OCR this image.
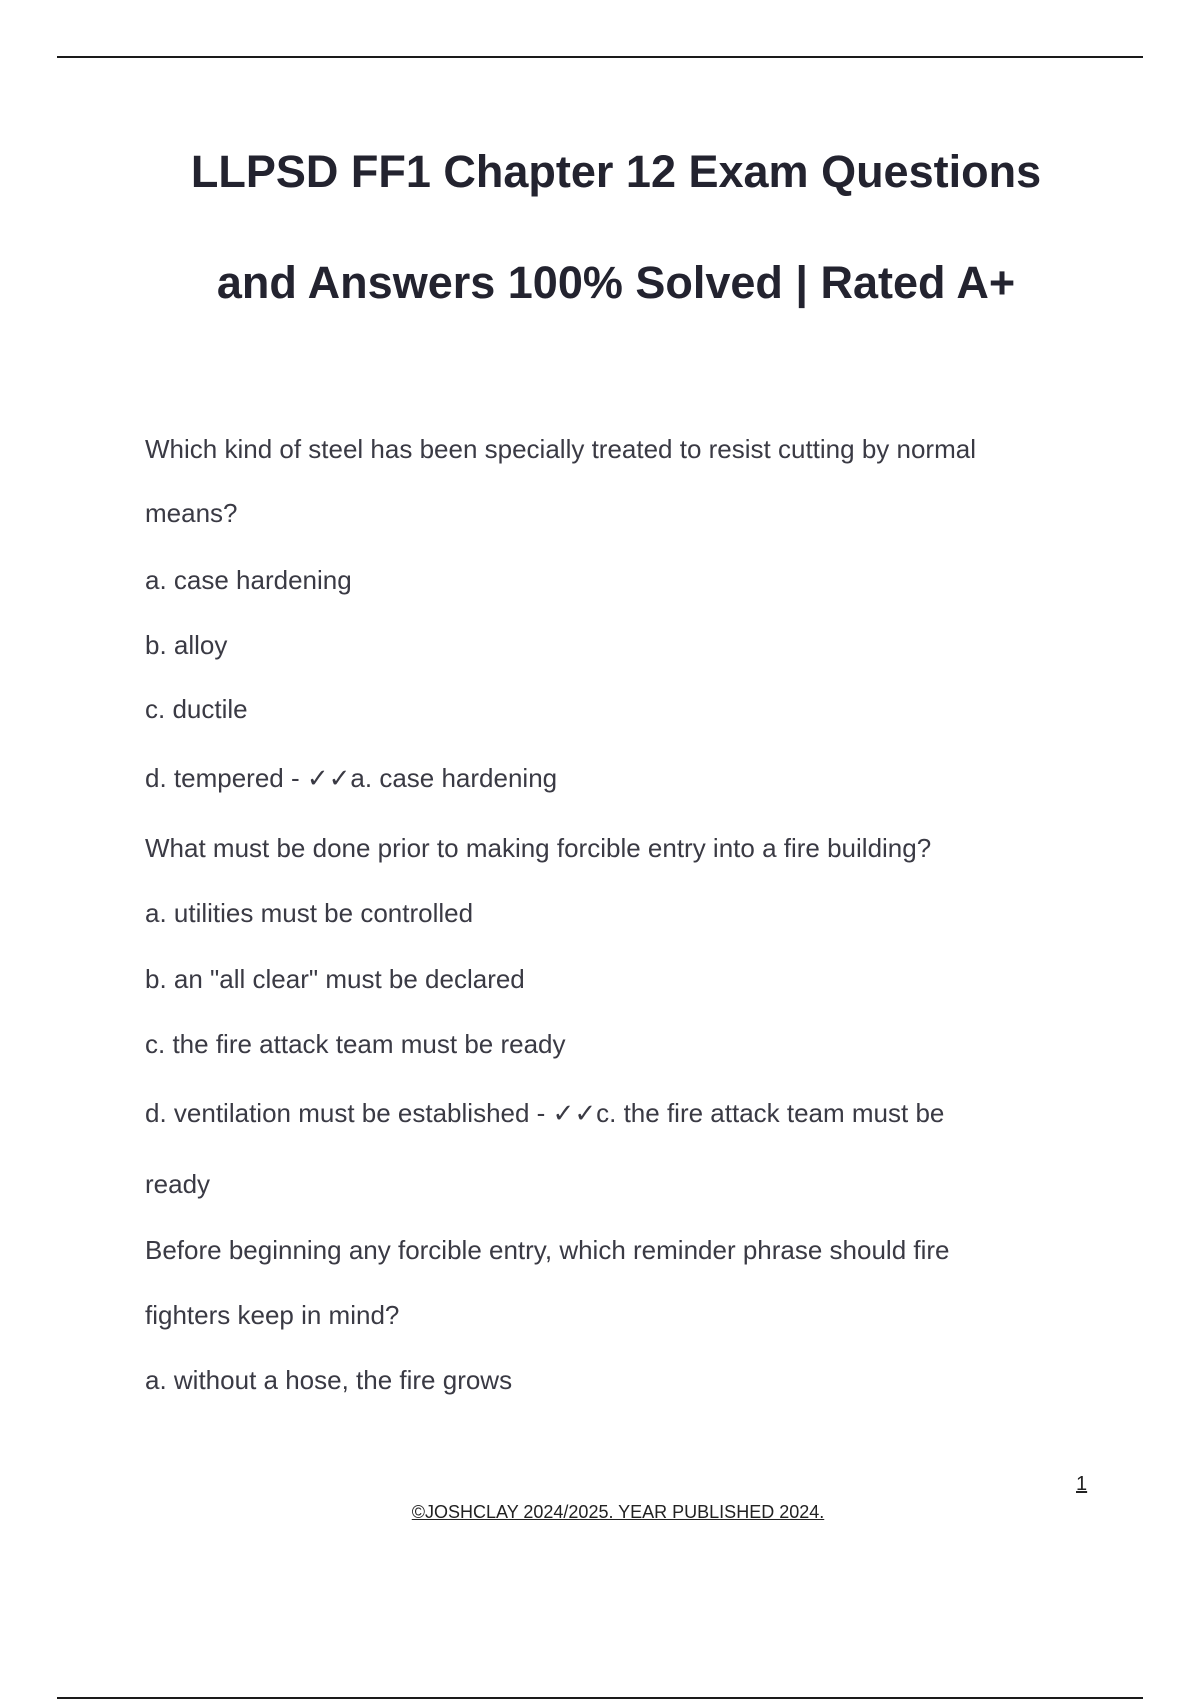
LLPSD FF1 Chapter 12 Exam Questions
and Answers 100% Solved | Rated A+
Which kind of steel has been specially treated to resist cutting by normal
means?
a. case hardening
b. alloy
c. ductile
d. tempered - ✓✓a. case hardening
What must be done prior to making forcible entry into a fire building?
a. utilities must be controlled
b. an "all clear" must be declared
c. the fire attack team must be ready
d. ventilation must be established - ✓✓c. the fire attack team must be
ready
Before beginning any forcible entry, which reminder phrase should fire
fighters keep in mind?
a. without a hose, the fire grows
1
©JOSHCLAY 2024/2025. YEAR PUBLISHED 2024.
